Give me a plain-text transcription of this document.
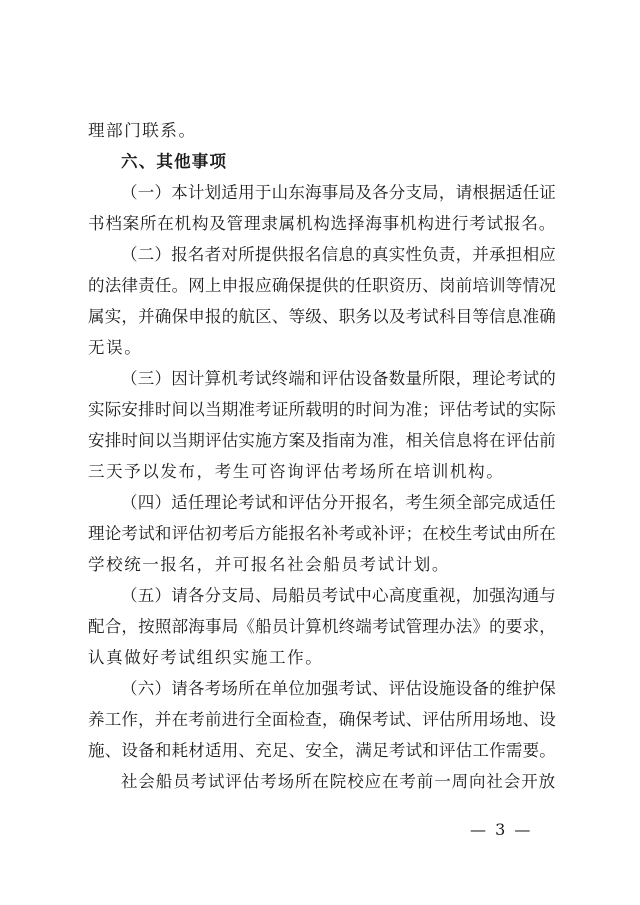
理部门联系。
六、其他事项
（一）本计划适用于山东海事局及各分支局，请根据适任证
书档案所在机构及管理隶属机构选择海事机构进行考试报名。
（二）报名者对所提供报名信息的真实性负责，并承担相应
的法律责任。网上申报应确保提供的任职资历、岗前培训等情况
属实，并确保申报的航区、等级、职务以及考试科目等信息准确
无误。
（三）因计算机考试终端和评估设备数量所限，理论考试的
实际安排时间以当期准考证所载明的时间为准；评估考试的实际
安排时间以当期评估实施方案及指南为准，相关信息将在评估前
三天予以发布，考生可咨询评估考场所在培训机构。
（四）适任理论考试和评估分开报名，考生须全部完成适任
理论考试和评估初考后方能报名补考或补评；在校生考试由所在
学校统一报名，并可报名社会船员考试计划。
（五）请各分支局、局船员考试中心高度重视，加强沟通与
配合，按照部海事局《船员计算机终端考试管理办法》的要求，
认真做好考试组织实施工作。
（六）请各考场所在单位加强考试、评估设施设备的维护保
养工作，并在考前进行全面检查，确保考试、评估所用场地、设
施、设备和耗材适用、充足、安全，满足考试和评估工作需要。
社会船员考试评估考场所在院校应在考前一周向社会开放
— 3 —
